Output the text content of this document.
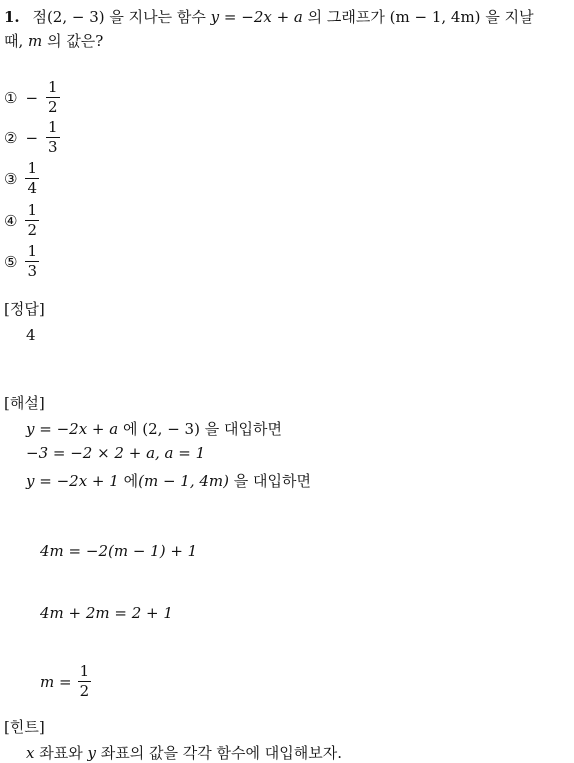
1. 점(2, − 3) 을 지나는 함수 y = −2x + a 의 그래프가 (m − 1, 4m) 을 지날
때, m 의 값은?
① − $\frac{1}{2}$
② − $\frac{1}{3}$
③ $\frac{1}{4}$
④ $\frac{1}{2}$
⑤ $\frac{1}{3}$
[정답]
4
[해설]
y = −2x + a 에 (2, − 3) 을 대입하면
−3 = −2 × 2 + a, a = 1
y = −2x + 1 에(m − 1, 4m) 을 대입하면
4m = −2(m − 1) + 1
4m + 2m = 2 + 1
$m = \frac{1}{2}$
[힌트]
x 좌표와 y 좌표의 값을 각각 함수에 대입해보자.
